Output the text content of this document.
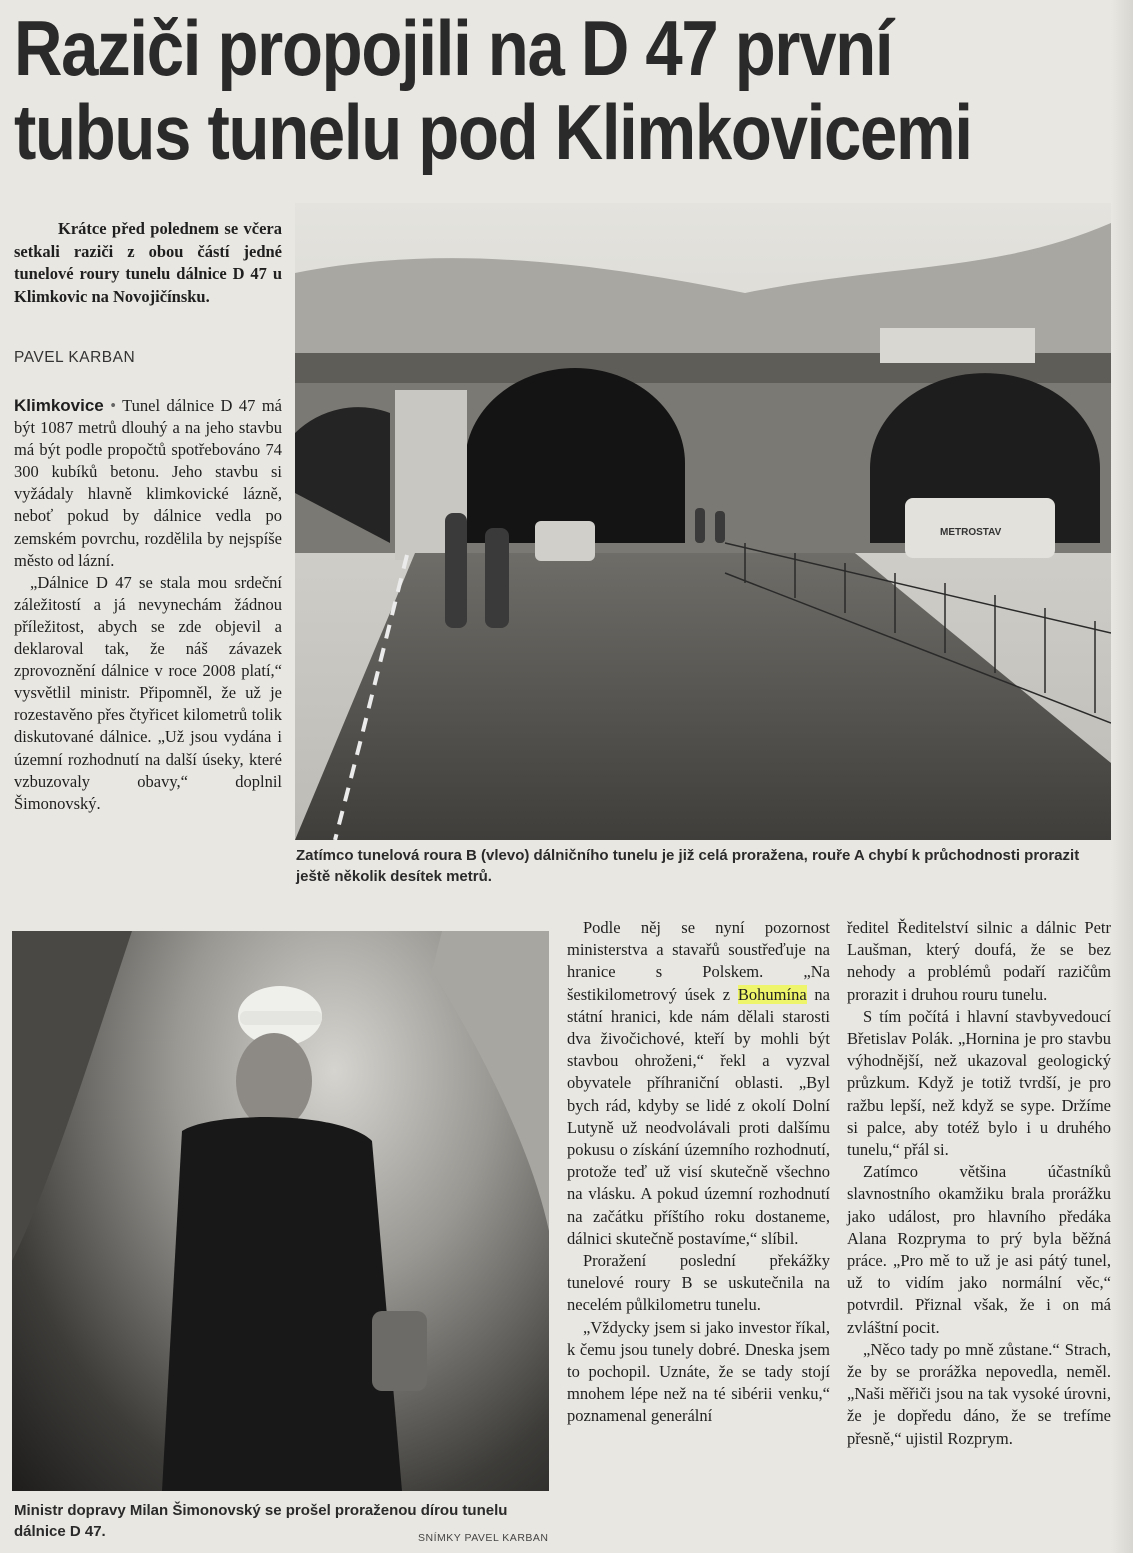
Raziči propojili na D 47 první
tubus tunelu pod Klimkovicemi
Krátce před polednem se včera setkali raziči z obou částí jedné tunelové roury tunelu dálnice D 47 u Klimkovic na Novojičínsku.
PAVEL KARBAN

Klimkovice • Tunel dálnice D 47 má být 1087 metrů dlouhý a na jeho stavbu má být podle propočtů spotřebováno 74 300 kubíků betonu. Jeho stavbu si vyžádaly hlavně klimkovické lázně, neboť pokud by dálnice vedla po zemském povrchu, rozdělila by nejspíše město od lázní.

„Dálnice D 47 se stala mou srdeční záležitostí a já nevynechám žádnou příležitost, abych se zde objevil a deklaroval tak, že náš závazek zprovoznění dálnice v roce 2008 platí,“ vysvětlil ministr. Připomněl, že už je rozestavěno přes čtyřicet kilometrů tolik diskutované dálnice. „Už jsou vydána i územní rozhodnutí na další úseky, které vzbuzovaly obavy,“ doplnil Šimonovský.

METROSTAV
Zatímco tunelová roura B (vlevo) dálničního tunelu je již celá proražena, rouře A chybí k průchodnosti prorazit ještě několik desítek metrů.
Ministr dopravy Milan Šimonovský se prošel proraženou dírou tunelu dálnice D 47.	SNÍMKY PAVEL KARBAN

Podle něj se nyní pozornost ministerstva a stavařů soustřeďuje na hranice s Polskem. „Na šestikilometrový úsek z Bohumína na státní hranici, kde nám dělali starosti dva živočichové, kteří by mohli být stavbou ohroženi,“ řekl a vyzval obyvatele příhraniční oblasti. „Byl bych rád, kdyby se lidé z okolí Dolní Lutyně už neodvolávali proti dalšímu pokusu o získání územního rozhodnutí, protože teď už visí skutečně všechno na vlásku. A pokud územní rozhodnutí na začátku příštího roku dostaneme, dálnici skutečně postavíme,“ slíbil.

Proražení poslední překážky tunelové roury B se uskutečnila na necelém půlkilometru tunelu.

„Vždycky jsem si jako investor říkal, k čemu jsou tunely dobré. Dneska jsem to pochopil. Uznáte, že se tady stojí mnohem lépe než na té sibérii venku,“ poznamenal generální

ředitel Ředitelství silnic a dálnic Petr Laušman, který doufá, že se bez nehody a problémů podaří razičům prorazit i druhou rouru tunelu.

S tím počítá i hlavní stavbyvedoucí Břetislav Polák. „Hornina je pro stavbu výhodnější, než ukazoval geologický průzkum. Když je totiž tvrdší, je pro ražbu lepší, než když se sype. Držíme si palce, aby totéž bylo i u druhého tunelu,“ přál si.

Zatímco většina účastníků slavnostního okamžiku brala prorážku jako událost, pro hlavního předáka Alana Rozpryma to prý byla běžná práce. „Pro mě to už je asi pátý tunel, už to vidím jako normální věc,“ potvrdil. Přiznal však, že i on má zvláštní pocit.

„Něco tady po mně zůstane.“ Strach, že by se prorážka nepovedla, neměl. „Naši měřiči jsou na tak vysoké úrovni, že je dopředu dáno, že se trefíme přesně,“ ujistil Rozprym.
